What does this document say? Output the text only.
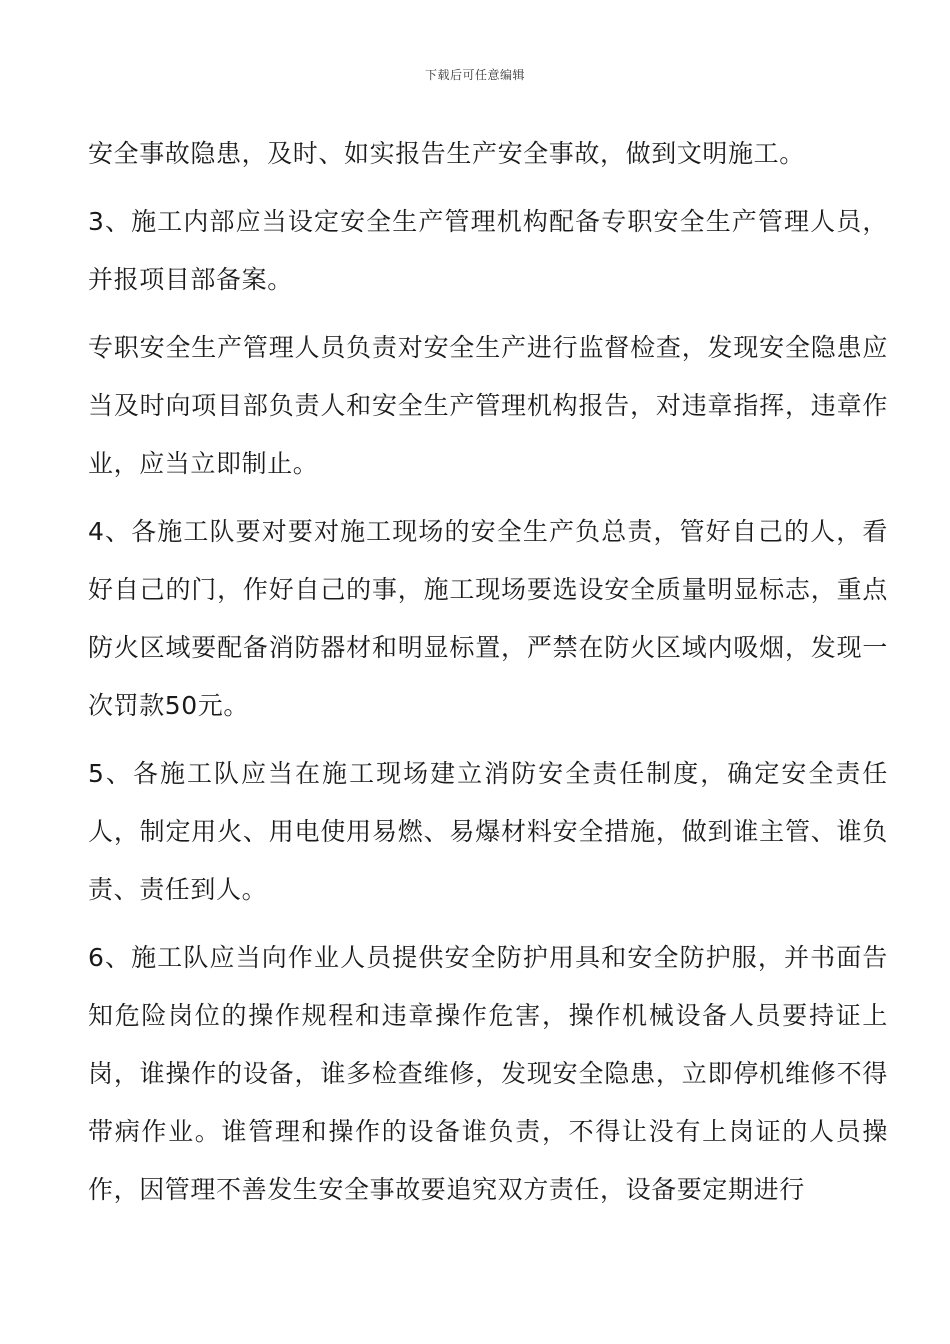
下载后可任意编辑

安全事故隐患，及时、如实报告生产安全事故，做到文明施工。

3、施工内部应当设定安全生产管理机构配备专职安全生产管理人员，并报项目部备案。

专职安全生产管理人员负责对安全生产进行监督检查，发现安全隐患应当及时向项目部负责人和安全生产管理机构报告，对违章指挥，违章作业，应当立即制止。

4、各施工队要对要对施工现场的安全生产负总责，管好自己的人，看好自己的门，作好自己的事，施工现场要选设安全质量明显标志，重点防火区域要配备消防器材和明显标置，严禁在防火区域内吸烟，发现一次罚款50元。

5、各施工队应当在施工现场建立消防安全责任制度，确定安全责任人，制定用火、用电使用易燃、易爆材料安全措施，做到谁主管、谁负责、责任到人。

6、施工队应当向作业人员提供安全防护用具和安全防护服，并书面告知危险岗位的操作规程和违章操作危害，操作机械设备人员要持证上岗，谁操作的设备，谁多检查维修，发现安全隐患，立即停机维修不得带病作业。谁管理和操作的设备谁负责，不得让没有上岗证的人员操作，因管理不善发生安全事故要追究双方责任，设备要定期进行
